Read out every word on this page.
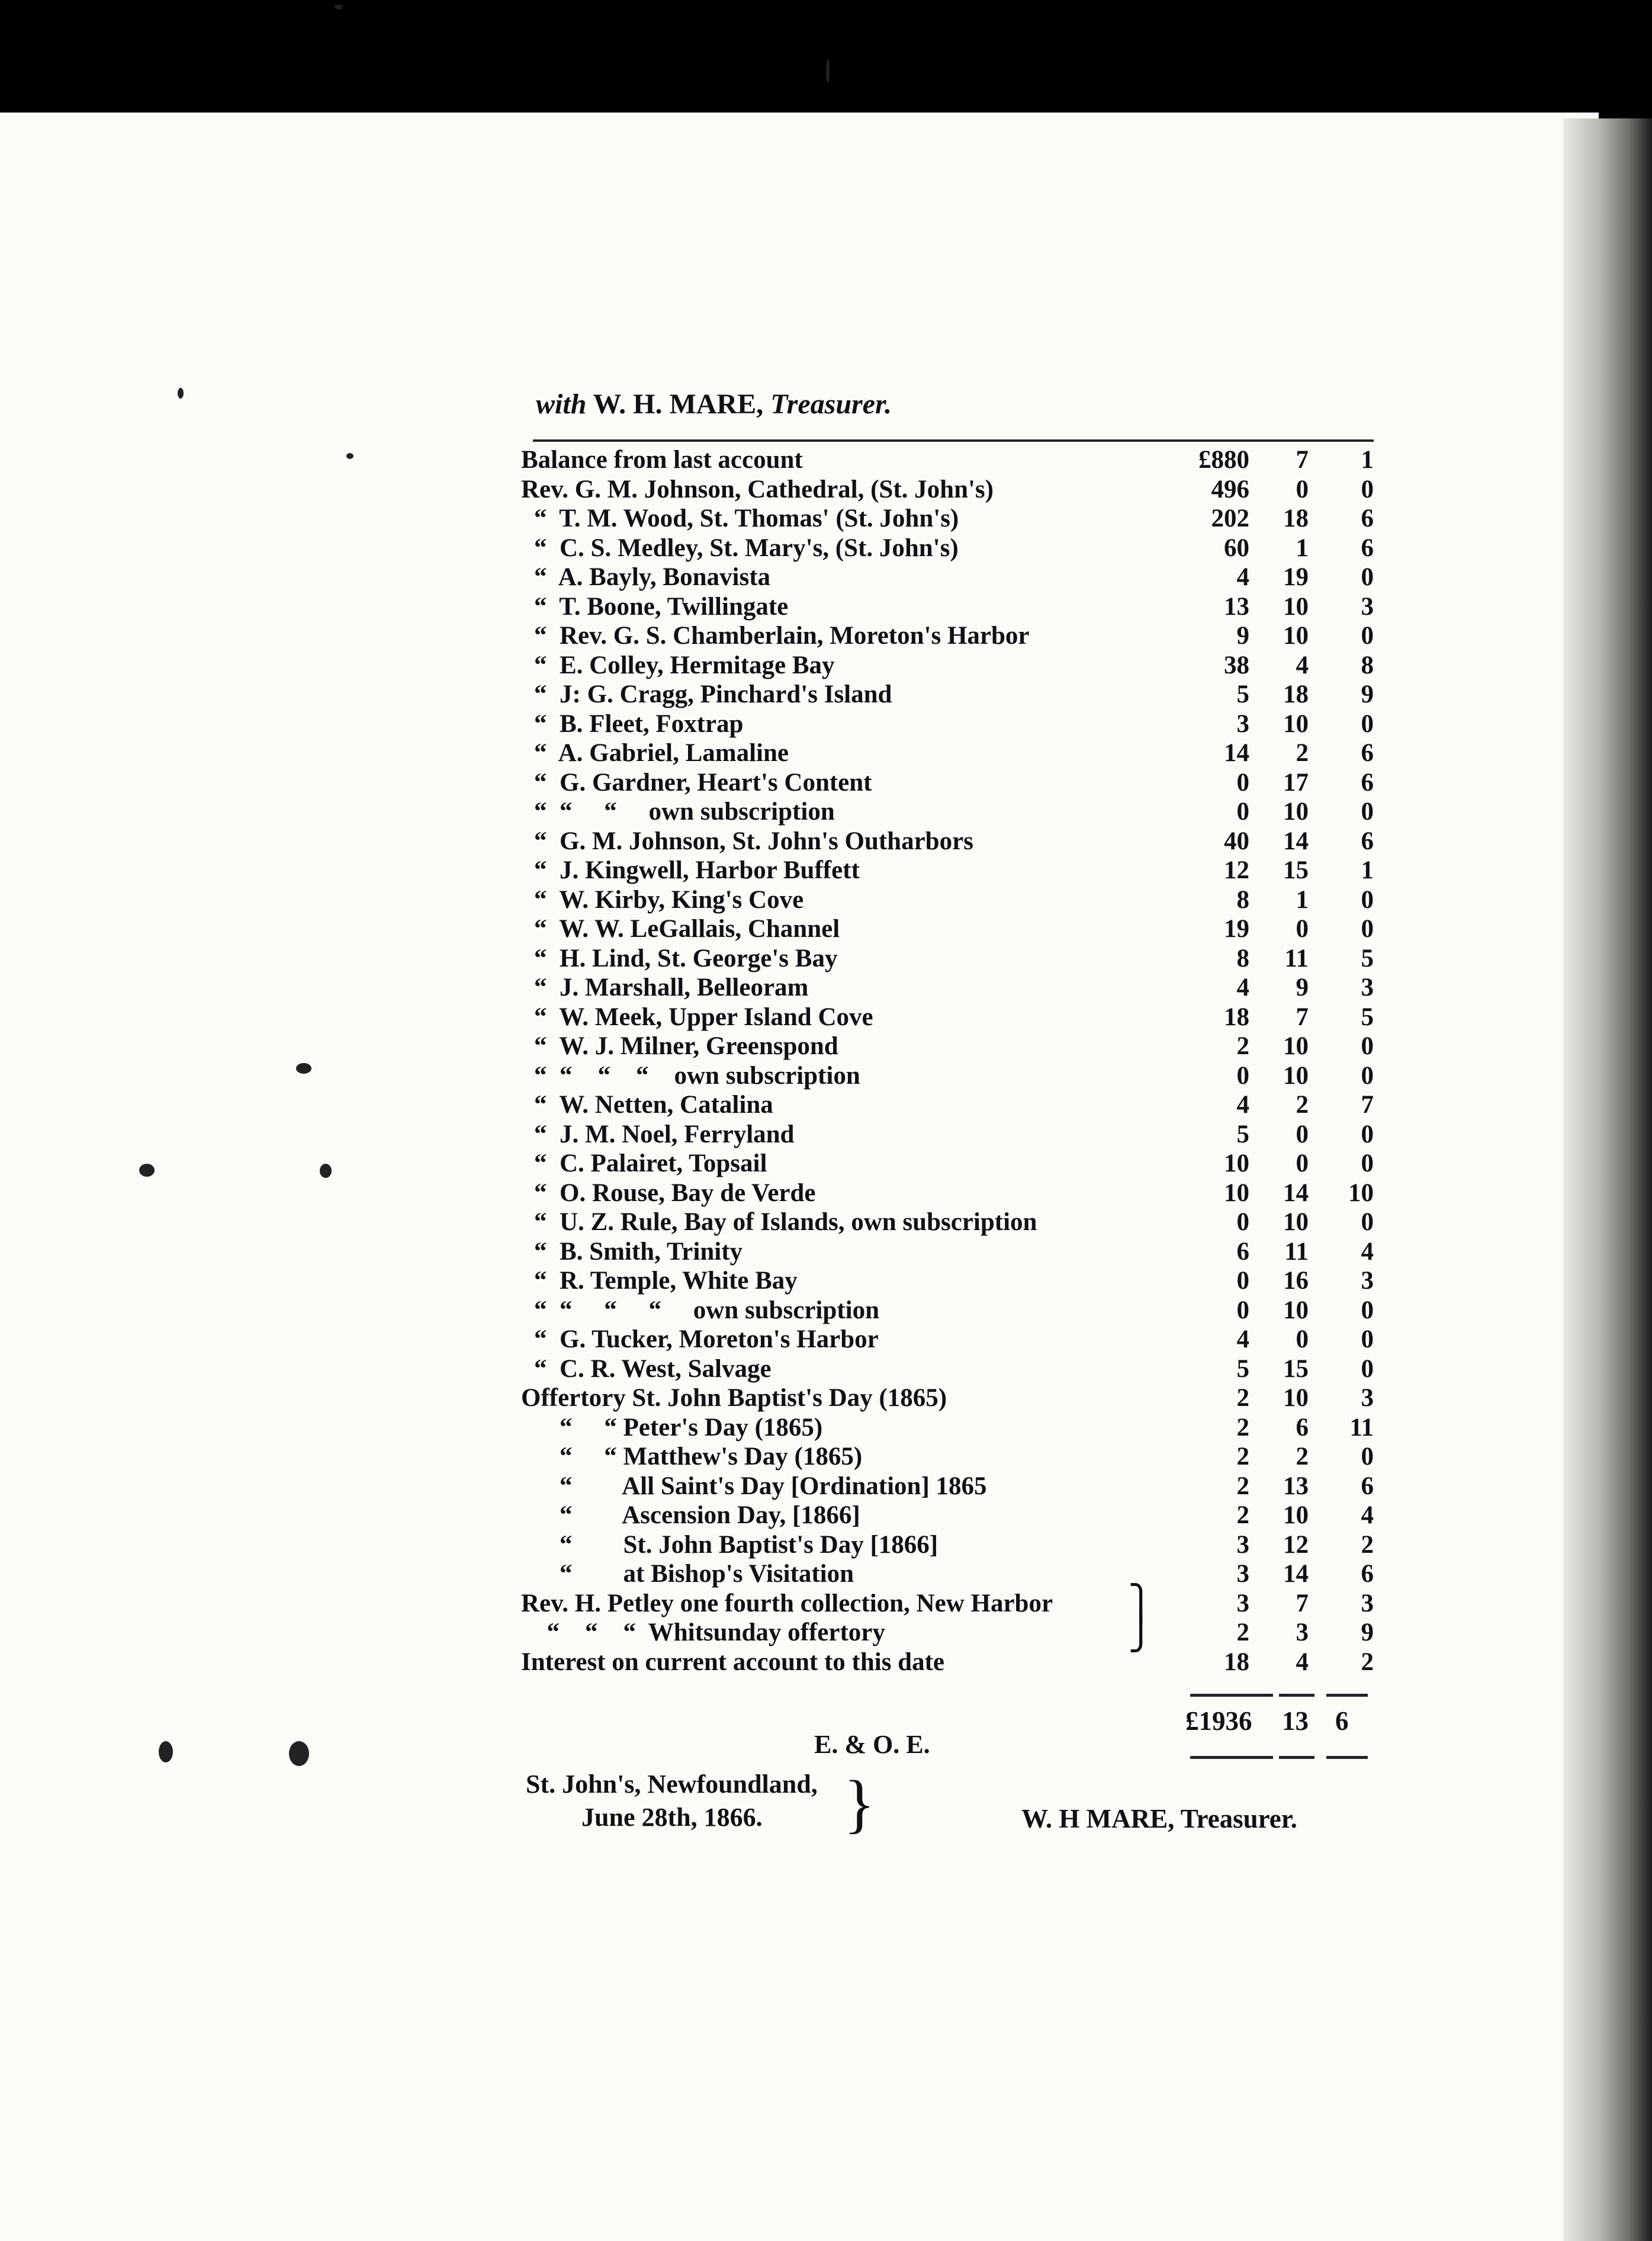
with W. H. MARE, Treasurer.
Balance from last account	£880	7	1
Rev. G. M. Johnson, Cathedral, (St. John's)	496	0	0
“  T. M. Wood, St. Thomas' (St. John's)	202	18	6
“  C. S. Medley, St. Mary's, (St. John's)	60	1	6
“  A. Bayly, Bonavista	4	19	0
“  T. Boone, Twillingate	13	10	3
“  Rev. G. S. Chamberlain, Moreton's Harbor	9	10	0
“  E. Colley, Hermitage Bay	38	4	8
“  J: G. Cragg, Pinchard's Island	5	18	9
“  B. Fleet, Foxtrap	3	10	0
“  A. Gabriel, Lamaline	14	2	6
“  G. Gardner, Heart's Content	0	17	6
“  “     “     own subscription	0	10	0
“  G. M. Johnson, St. John's Outharbors	40	14	6
“  J. Kingwell, Harbor Buffett	12	15	1
“  W. Kirby, King's Cove	8	1	0
“  W. W. LeGallais, Channel	19	0	0
“  H. Lind, St. George's Bay	8	11	5
“  J. Marshall, Belleoram	4	9	3
“  W. Meek, Upper Island Cove	18	7	5
“  W. J. Milner, Greenspond	2	10	0
“  “    “    “    own subscription	0	10	0
“  W. Netten, Catalina	4	2	7
“  J. M. Noel, Ferryland	5	0	0
“  C. Palairet, Topsail	10	0	0
“  O. Rouse, Bay de Verde	10	14	10
“  U. Z. Rule, Bay of Islands, own subscription	0	10	0
“  B. Smith, Trinity	6	11	4
“  R. Temple, White Bay	0	16	3
“  “     “     “     own subscription	0	10	0
“  G. Tucker, Moreton's Harbor	4	0	0
“  C. R. West, Salvage	5	15	0
Offertory St. John Baptist's Day (1865)	2	10	3
“     “ Peter's Day (1865)	2	6	11
“     “ Matthew's Day (1865)	2	2	0
“        All Saint's Day [Ordination] 1865	2	13	6
“        Ascension Day, [1866]	2	10	4
“        St. John Baptist's Day [1866]	3	12	2
“        at Bishop's Visitation	3	14	6
Rev. H. Petley one fourth collection, New Harbor ⎫	3	7	3
“    “    “  Whitsunday offertory	⎭	2	3	9
Interest on current account to this date	18	4	2
£1936 13 6
E. & O. E.
St. John's, Newfoundland,
June 28th, 1866.	}	W. H MARE, Treasurer.
